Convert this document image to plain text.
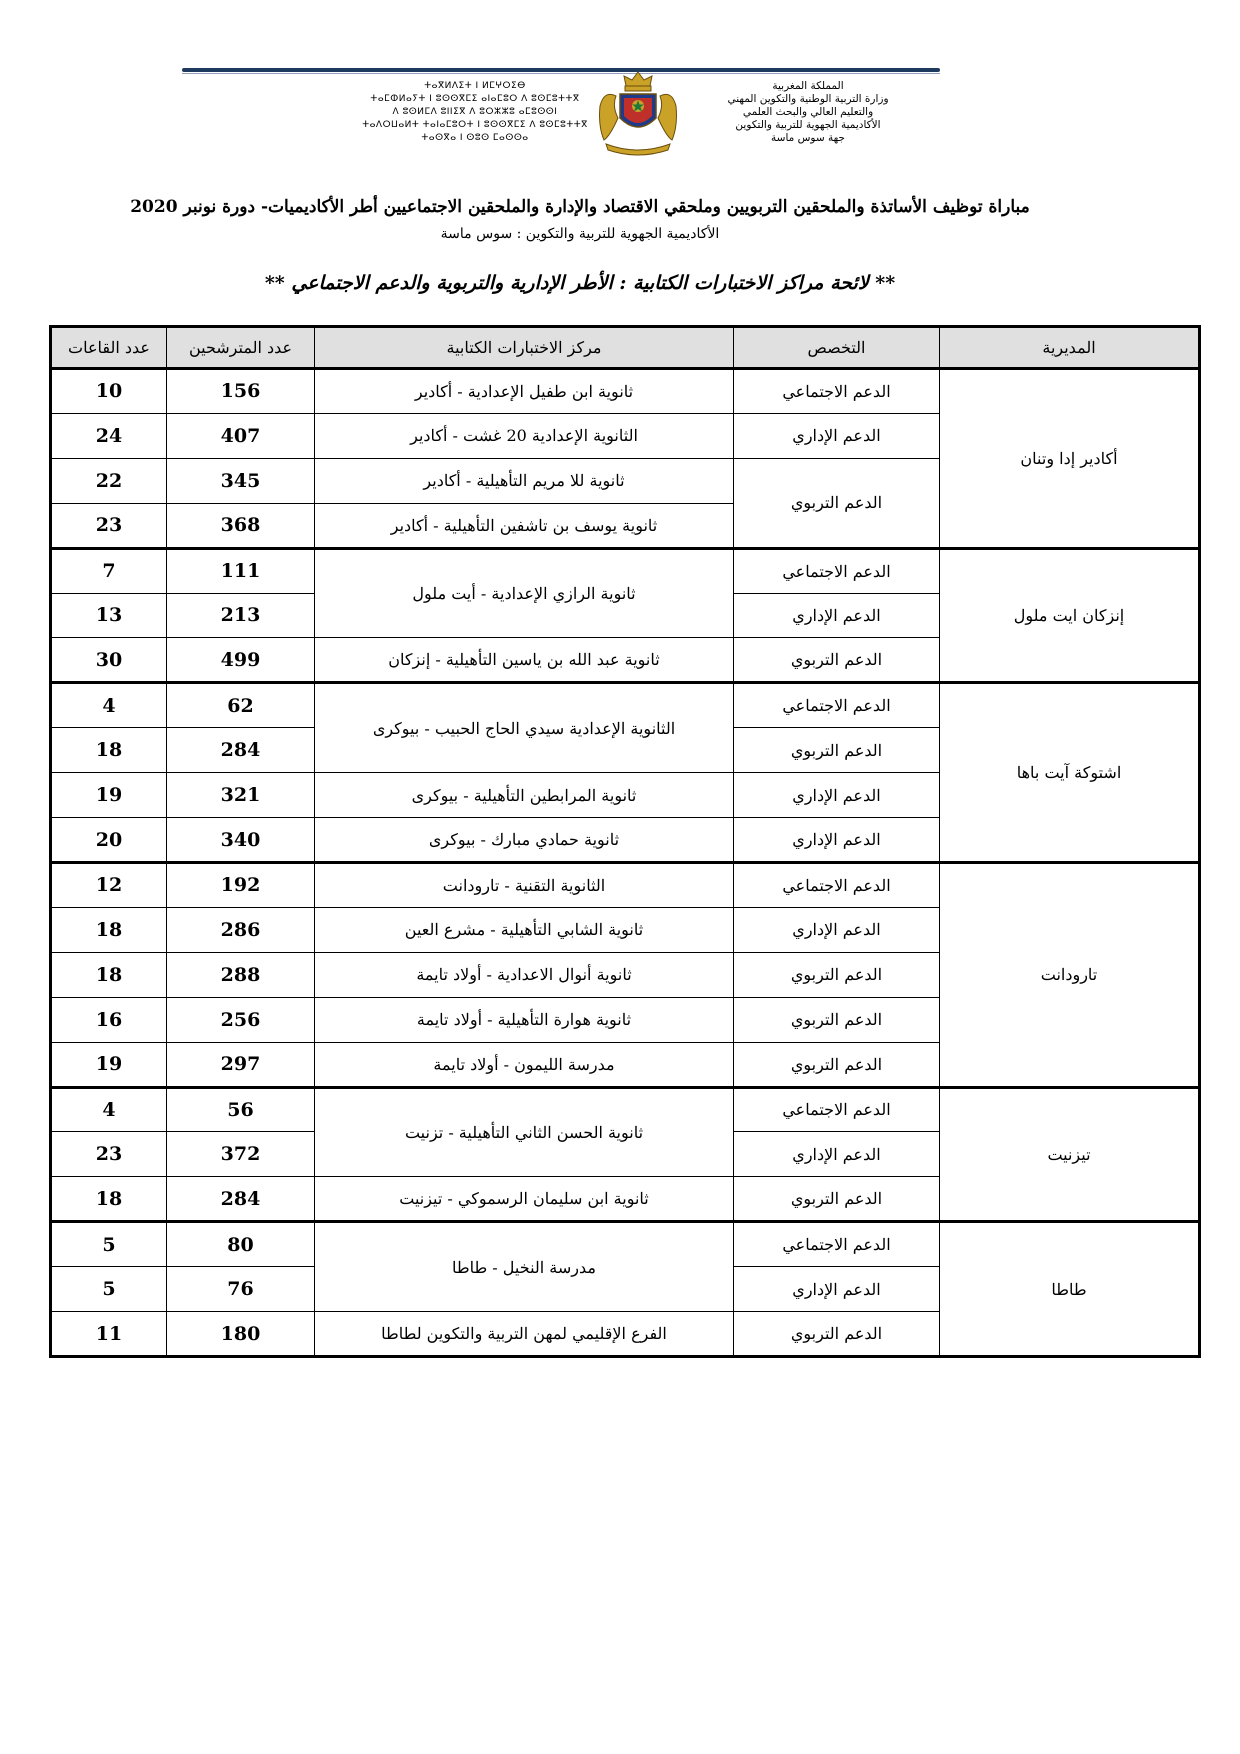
ⵜⴰⴳⵍⴷⵉⵜ ⵏ ⵍⵎⵖⵔⵉⴱ
ⵜⴰⵎⵀⵍⴰⵢⵜ ⵏ ⵓⵙⵙⴳⵎⵉ ⴰⵏⴰⵎⵓⵔ ⴷ ⵓⵙⵎⵓⵜⵜⴳ
ⴷ ⵓⵙⵍⵎⴷ ⵓⵏⵏⵉⴳ ⴷ ⵓⵔⵣⵣⵓ ⴰⵎⵓⵙⵙⵏ
ⵜⴰⴷⵔⵡⴰⵍⵜ ⵜⴰⵏⴰⵎⵓⵔⵜ ⵏ ⵓⵙⵙⴳⵎⵉ ⴷ ⵓⵙⵎⵓⵜⵜⴳ
ⵜⴰⵙⴳⴰ ⵏ ⵙⵓⵙ ⵎⴰⵙⵙⴰ
المملكة المغربية
وزارة التربية الوطنية والتكوين المهني
والتعليم العالي والبحث العلمي
الأكاديمية الجهوية للتربية والتكوين
جهة سوس ماسة
مباراة توظيف الأساتذة والملحقين التربويين وملحقي الاقتصاد والإدارة والملحقين الاجتماعيين أطر الأكاديميات- دورة نونبر 2020
الأكاديمية الجهوية للتربية والتكوين : سوس ماسة
** لائحة مراكز الاختبارات الكتابية : الأطر الإدارية والتربوية والدعم الاجتماعي **
المديرية	التخصص	مركز الاختبارات الكتابية	عدد المترشحين	عدد القاعات
أكادير إدا وتنان	الدعم الاجتماعي	ثانوية ابن طفيل الإعدادية - أكادير	156	10
	الدعم الإداري	الثانوية الإعدادية 20 غشت - أكادير	407	24
	الدعم التربوي	ثانوية للا مريم التأهيلية - أكادير	345	22
		ثانوية يوسف بن تاشفين التأهيلية - أكادير	368	23
إنزكان ايت ملول	الدعم الاجتماعي	ثانوية الرازي الإعدادية - أيت ملول	111	7
	الدعم الإداري		213	13
	الدعم التربوي	ثانوية عبد الله بن ياسين التأهيلية - إنزكان	499	30
اشتوكة آيت باها	الدعم الاجتماعي	الثانوية الإعدادية سيدي الحاج الحبيب - بيوكرى	62	4
	الدعم التربوي		284	18
	الدعم الإداري	ثانوية المرابطين التأهيلية - بيوكرى	321	19
	الدعم الإداري	ثانوية حمادي مبارك - بيوكرى	340	20
تارودانت	الدعم الاجتماعي	الثانوية التقنية - تارودانت	192	12
	الدعم الإداري	ثانوية الشابي التأهيلية - مشرع العين	286	18
	الدعم التربوي	ثانوية أنوال الاعدادية - أولاد تايمة	288	18
	الدعم التربوي	ثانوية هوارة التأهيلية - أولاد تايمة	256	16
	الدعم التربوي	مدرسة الليمون - أولاد تايمة	297	19
تيزنيت	الدعم الاجتماعي	ثانوية الحسن الثاني التأهيلية - تزنيت	56	4
	الدعم الإداري		372	23
	الدعم التربوي	ثانوية ابن سليمان الرسموكي - تيزنيت	284	18
طاطا	الدعم الاجتماعي	مدرسة النخيل - طاطا	80	5
	الدعم الإداري		76	5
	الدعم التربوي	الفرع الإقليمي لمهن التربية والتكوين لطاطا	180	11
